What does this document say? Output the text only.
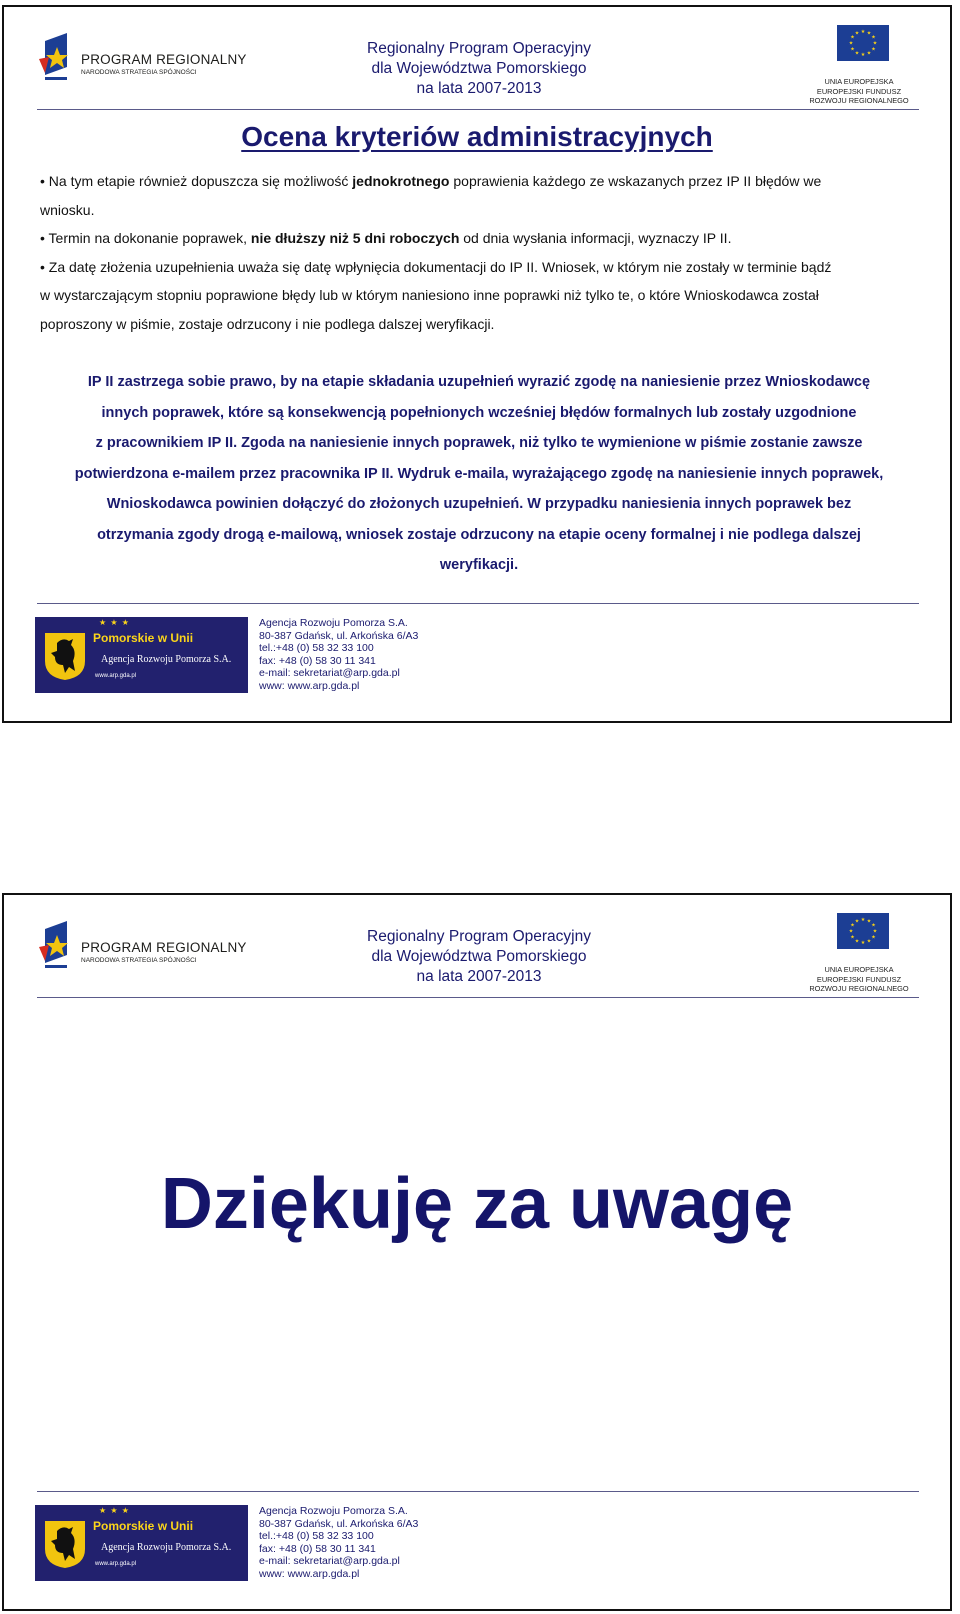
PROGRAM REGIONALNY
NARODOWA STRATEGIA SPÓJNOŚCI
Regionalny Program Operacyjny
dla Województwa Pomorskiego
na lata 2007-2013
★ ★
★
★
★
★
★
★
★
★
★
★
UNIA EUROPEJSKA
EUROPEJSKI FUNDUSZ
ROZWOJU REGIONALNEGO
Ocena kryteriów administracyjnych

• Na tym etapie również dopuszcza się możliwość jednokrotnego poprawienia każdego ze wskazanych przez IP II błędów we

wniosku.

• Termin na dokonanie poprawek, nie dłuższy niż 5 dni roboczych od dnia wysłania informacji, wyznaczy IP II.

• Za datę złożenia uzupełnienia uważa się datę wpłynięcia dokumentacji do IP II. Wniosek, w którym nie zostały w terminie bądź

w wystarczającym stopniu poprawione błędy lub w którym naniesiono inne poprawki niż tylko te, o które Wnioskodawca został

poproszony w piśmie, zostaje odrzucony i nie podlega dalszej weryfikacji.

IP II zastrzega sobie prawo, by na etapie składania uzupełnień wyrazić zgodę na naniesienie przez Wnioskodawcę
innych poprawek, które są konsekwencją popełnionych wcześniej błędów formalnych lub zostały uzgodnione
z pracownikiem IP II. Zgoda na naniesienie innych poprawek, niż tylko te wymienione w piśmie zostanie zawsze
potwierdzona e-mailem przez pracownika IP II. Wydruk e-maila, wyrażającego zgodę na naniesienie innych poprawek,
Wnioskodawca powinien dołączyć do złożonych uzupełnień. W przypadku naniesienia innych poprawek bez
otrzymania zgody drogą e-mailową, wniosek zostaje odrzucony na etapie oceny formalnej i nie podlega dalszej
weryfikacji.
★ ★ ★
Pomorskie w Unii
Agencja Rozwoju Pomorza S.A.
www.arp.gda.pl
Agencja Rozwoju Pomorza S.A.
80-387 Gdańsk, ul. Arkońska 6/A3
tel.:+48 (0) 58 32 33 100
fax: +48 (0) 58 30 11 341
e-mail: sekretariat@arp.gda.pl
www: www.arp.gda.pl
PROGRAM REGIONALNY
NARODOWA STRATEGIA SPÓJNOŚCI
Regionalny Program Operacyjny
dla Województwa Pomorskiego
na lata 2007-2013
★ ★
★
★
★
★
★
★
★
★
★
★
UNIA EUROPEJSKA
EUROPEJSKI FUNDUSZ
ROZWOJU REGIONALNEGO
Dziękuję za uwagę
★ ★ ★
Pomorskie w Unii
Agencja Rozwoju Pomorza S.A.
www.arp.gda.pl
Agencja Rozwoju Pomorza S.A.
80-387 Gdańsk, ul. Arkońska 6/A3
tel.:+48 (0) 58 32 33 100
fax: +48 (0) 58 30 11 341
e-mail: sekretariat@arp.gda.pl
www: www.arp.gda.pl
